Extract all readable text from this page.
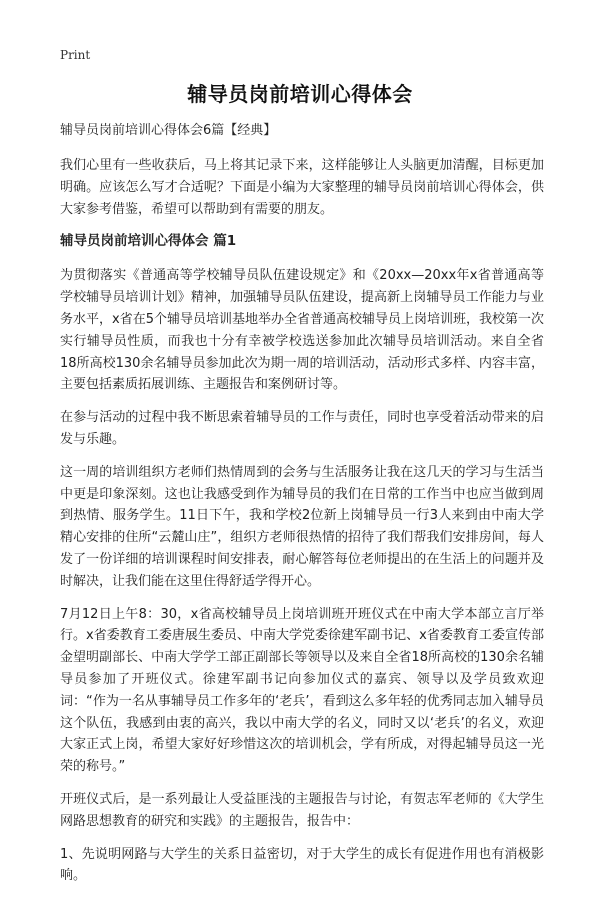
Print
辅导员岗前培训心得体会

辅导员岗前培训心得体会6篇【经典】

我们心里有一些收获后，马上将其记录下来，这样能够让人头脑更加清醒，目标更加明确。应该怎么写才合适呢？下面是小编为大家整理的辅导员岗前培训心得体会，供大家参考借鉴，希望可以帮助到有需要的朋友。

辅导员岗前培训心得体会 篇1

为贯彻落实《普通高等学校辅导员队伍建设规定》和《20xx—20xx年x省普通高等学校辅导员培训计划》精神，加强辅导员队伍建设，提高新上岗辅导员工作能力与业务水平，x省在5个辅导员培训基地举办全省普通高校辅导员上岗培训班，我校第一次实行辅导员性质，而我也十分有幸被学校选送参加此次辅导员培训活动。来自全省18所高校130余名辅导员参加此次为期一周的培训活动，活动形式多样、内容丰富，主要包括素质拓展训练、主题报告和案例研讨等。

在参与活动的过程中我不断思索着辅导员的工作与责任，同时也享受着活动带来的启发与乐趣。

这一周的培训组织方老师们热情周到的会务与生活服务让我在这几天的学习与生活当中更是印象深刻。这也让我感受到作为辅导员的我们在日常的工作当中也应当做到周到热情、服务学生。11日下午，我和学校2位新上岗辅导员一行3人来到由中南大学精心安排的住所“云麓山庄”，组织方老师很热情的招待了我们帮我们安排房间，每人发了一份详细的培训课程时间安排表，耐心解答每位老师提出的在生活上的问题并及时解决，让我们能在这里住得舒适学得开心。

7月12日上午8：30，x省高校辅导员上岗培训班开班仪式在中南大学本部立言厅举行。x省委教育工委唐展生委员、中南大学党委徐建军副书记、x省委教育工委宣传部金望明副部长、中南大学学工部正副部长等领导以及来自全省18所高校的130余名辅导员参加了开班仪式。徐建军副书记向参加仪式的嘉宾、领导以及学员致欢迎词：“作为一名从事辅导员工作多年的‘老兵’，看到这么多年轻的优秀同志加入辅导员这个队伍，我感到由衷的高兴，我以中南大学的名义，同时又以‘老兵’的名义，欢迎大家正式上岗，希望大家好好珍惜这次的培训机会，学有所成，对得起辅导员这一光荣的称号。”

开班仪式后，是一系列最让人受益匪浅的主题报告与讨论，有贺志军老师的《大学生网路思想教育的研究和实践》的主题报告，报告中：

1、先说明网路与大学生的关系日益密切，对于大学生的成长有促进作用也有消极影响。
